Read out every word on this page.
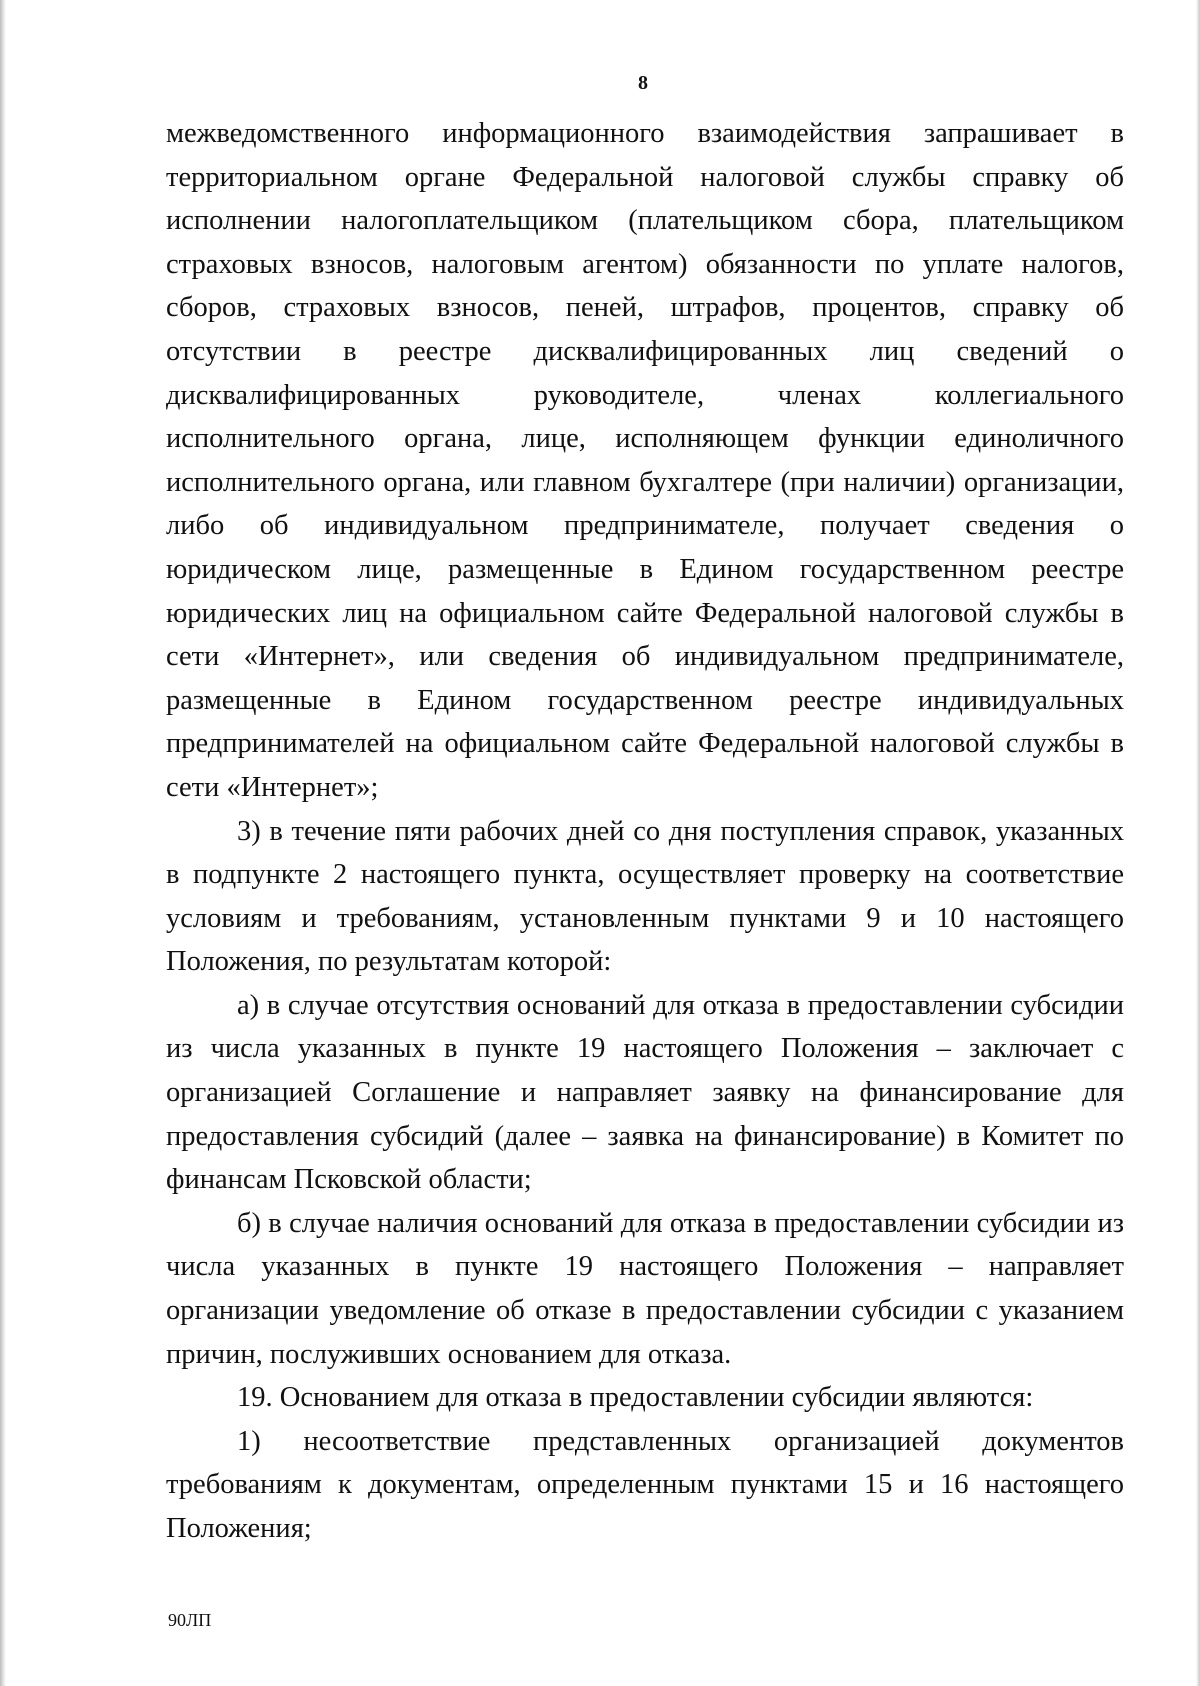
8

межведомственного информационного взаимодействия запрашивает в территориальном органе Федеральной налоговой службы справку об исполнении налогоплательщиком (плательщиком сбора, плательщиком страховых взносов, налоговым агентом) обязанности по уплате налогов, сборов, страховых взносов, пеней, штрафов, процентов, справку об отсутствии в реестре дисквалифицированных лиц сведений о дисквалифицированных руководителе, членах коллегиального исполнительного органа, лице, исполняющем функции единоличного исполнительного органа, или главном бухгалтере (при наличии) организации, либо об индивидуальном предпринимателе, получает сведения о юридическом лице, размещенные в Едином государственном реестре юридических лиц на официальном сайте Федеральной налоговой службы в сети «Интернет», или сведения об индивидуальном предпринимателе, размещенные в Едином государственном реестре индивидуальных предпринимателей на официальном сайте Федеральной налоговой службы в сети «Интернет»;

3) в течение пяти рабочих дней со дня поступления справок, указанных в подпункте 2 настоящего пункта, осуществляет проверку на соответствие условиям и требованиям, установленным пунктами 9 и 10 настоящего Положения, по результатам которой:

а) в случае отсутствия оснований для отказа в предоставлении субсидии из числа указанных в пункте 19 настоящего Положения – заключает с организацией Соглашение и направляет заявку на финансирование для предоставления субсидий (далее – заявка на финансирование) в Комитет по финансам Псковской области;

б) в случае наличия оснований для отказа в предоставлении субсидии из числа указанных в пункте 19 настоящего Положения – направляет организации уведомление об отказе в предоставлении субсидии с указанием причин, послуживших основанием для отказа.

19. Основанием для отказа в предоставлении субсидии являются:

1) несоответствие представленных организацией документов требованиям к документам, определенным пунктами 15 и 16 настоящего Положения;

90ЛП
